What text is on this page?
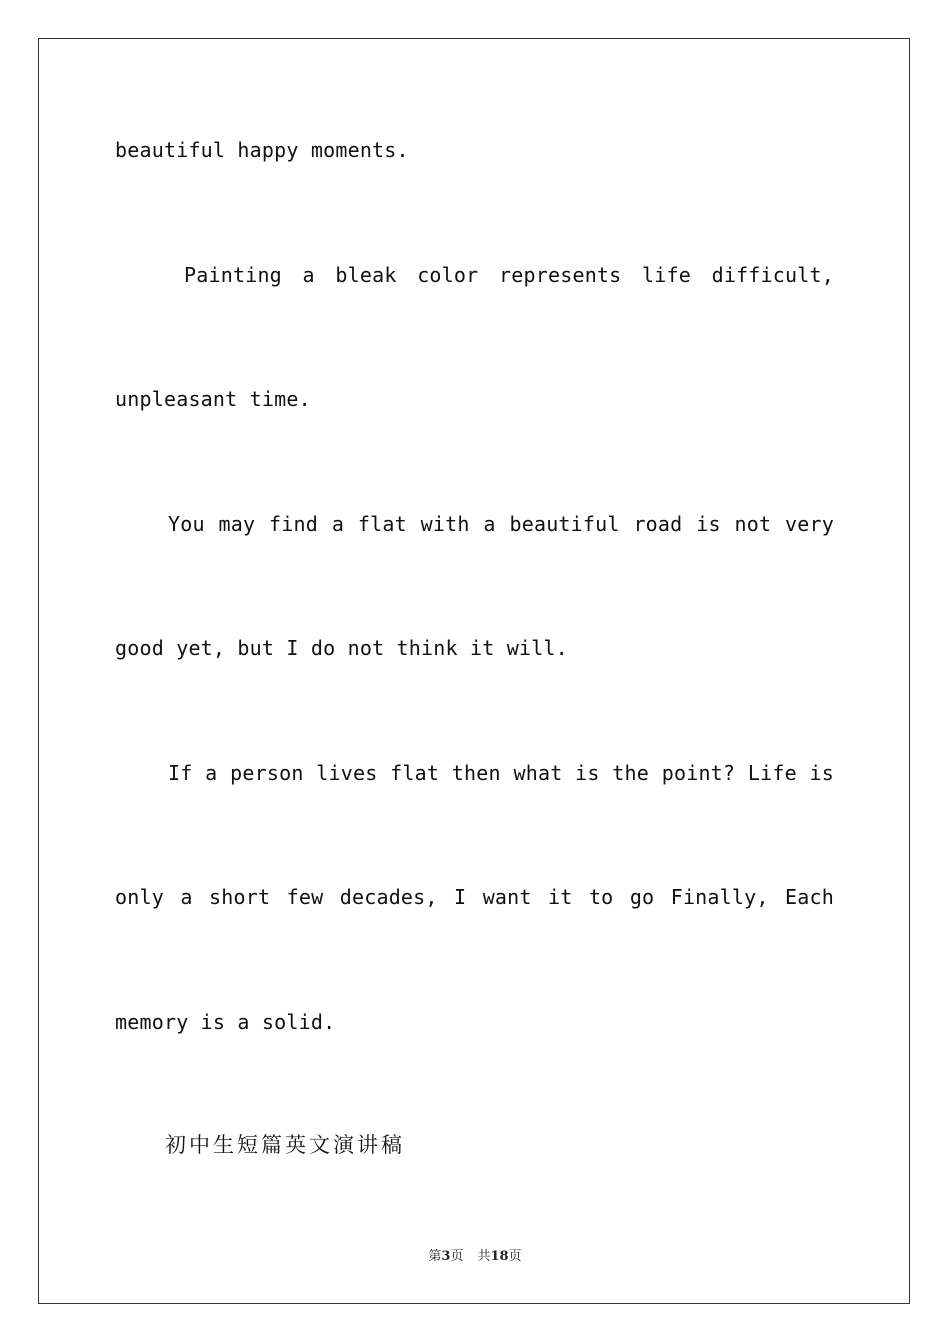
beautiful happy moments.
Painting a bleak color represents life difficult,
unpleasant time.
You may find a flat with a beautiful road is not very
good yet, but I do not think it will.
If a person lives flat then what is the point? Life is
only a short few decades, I want it to go Finally, Each
memory is a solid.
初中生短篇英文演讲稿
第3页 共18页
